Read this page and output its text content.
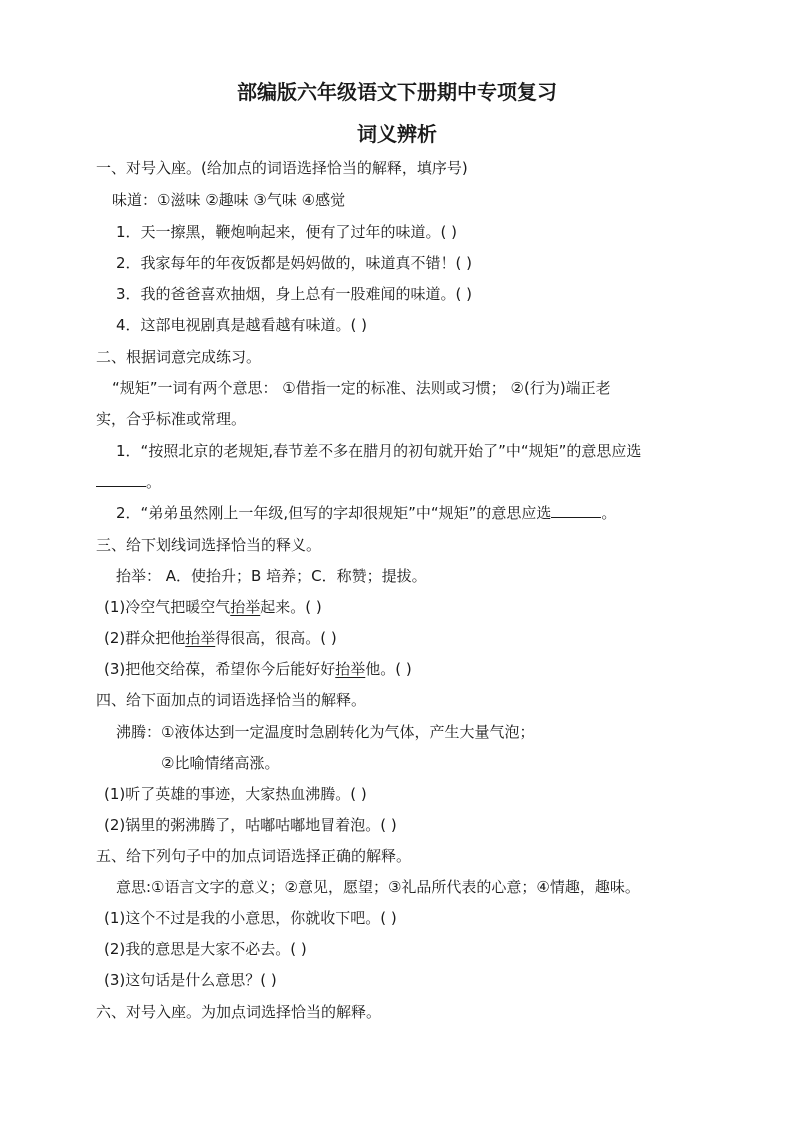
部编版六年级语文下册期中专项复习
词义辨析
一、对号入座。(给加点的词语选择恰当的解释，填序号)
味道：①滋味 ②趣味 ③气味 ④感觉
1．天一擦黑，鞭炮响起来，便有了过年的味道。( )
2．我家每年的年夜饭都是妈妈做的，味道真不错！( )
3．我的爸爸喜欢抽烟，身上总有一股难闻的味道。( )
4．这部电视剧真是越看越有味道。( )
二、根据词意完成练习。
“规矩”一词有两个意思： ①借指一定的标准、法则或习惯； ②(行为)端正老
实，合乎标准或常理。
1．“按照北京的老规矩,春节差不多在腊月的初旬就开始了”中“规矩”的意思应选
。
2．“弟弟虽然刚上一年级,但写的字却很规矩”中“规矩”的意思应选	。
三、给下划线词选择恰当的释义。
抬举： A．使抬升；B 培养；C．称赞；提拔。
(1)冷空气把暖空气抬举起来。( )
(2)群众把他抬举得很高，很高。( )
(3)把他交给葆，希望你今后能好好抬举他。( )
四、给下面加点的词语选择恰当的解释。
沸腾：①液体达到一定温度时急剧转化为气体，产生大量气泡；
②比喻情绪高涨。
(1)听了英雄的事迹，大家热血沸腾。( )
(2)锅里的粥沸腾了，咕嘟咕嘟地冒着泡。( )
五、给下列句子中的加点词语选择正确的解释。
意思:①语言文字的意义；②意见，愿望；③礼品所代表的心意；④情趣，趣味。
(1)这个不过是我的小意思，你就收下吧。( )
(2)我的意思是大家不必去。( )
(3)这句话是什么意思？( )
六、对号入座。为加点词选择恰当的解释。
